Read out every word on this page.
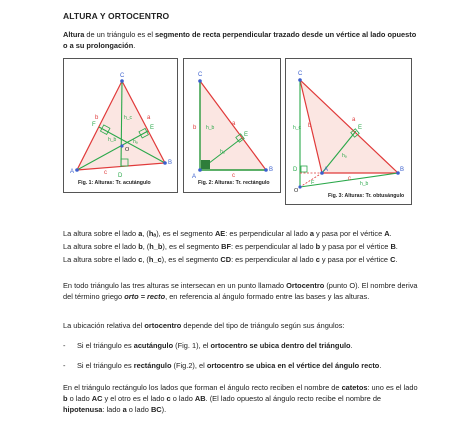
ALTURA Y ORTOCENTRO
Altura de un triángulo es el segmento de recta perpendicular trazado desde un vértice al lado opuesto o a su prolongación.
A
B
C
D
E
F
O
a
b
c
hₐ
h_b
h_c
Fig. 1: Alturas: Tr. acutángulo
C
B
A
E
a
b
c
h_b
hₐ
Fig. 2: Alturas: Tr. rectángulo
C
A	B
D
E
F
O
a
b
c
hₐ
h_c
h_b
Fig. 3: Alturas: Tr. obtusángulo
La altura sobre el lado a, (hₐ), es el segmento AE: es perpendicular al lado a y pasa por el vértice A.
La altura sobre el lado b, (h_b), es el segmento BF: es perpendicular al lado b y pasa por el vértice B.
La altura sobre el lado c, (h_c), es el segmento CD: es perpendicular al lado c y pasa por el vértice C.
En todo triángulo las tres alturas se intersecan en un punto llamado Ortocentro (punto O). El nombre deriva del término griego orto = recto, en referencia al ángulo formado entre las bases y las alturas.
La ubicación relativa del ortocentro depende del tipo de triángulo según sus ángulos:
- Si el triángulo es acutángulo (Fig. 1), el ortocentro se ubica dentro del triángulo.
- Si el triángulo es rectángulo (Fig.2), el ortocentro se ubica en el vértice del ángulo recto.
En el triángulo rectángulo los lados que forman el ángulo recto reciben el nombre de catetos: uno es el lado b o lado AC y el otro es el lado c o lado AB. (El lado opuesto al ángulo recto recibe el nombre de hipotenusa: lado a o lado BC).
